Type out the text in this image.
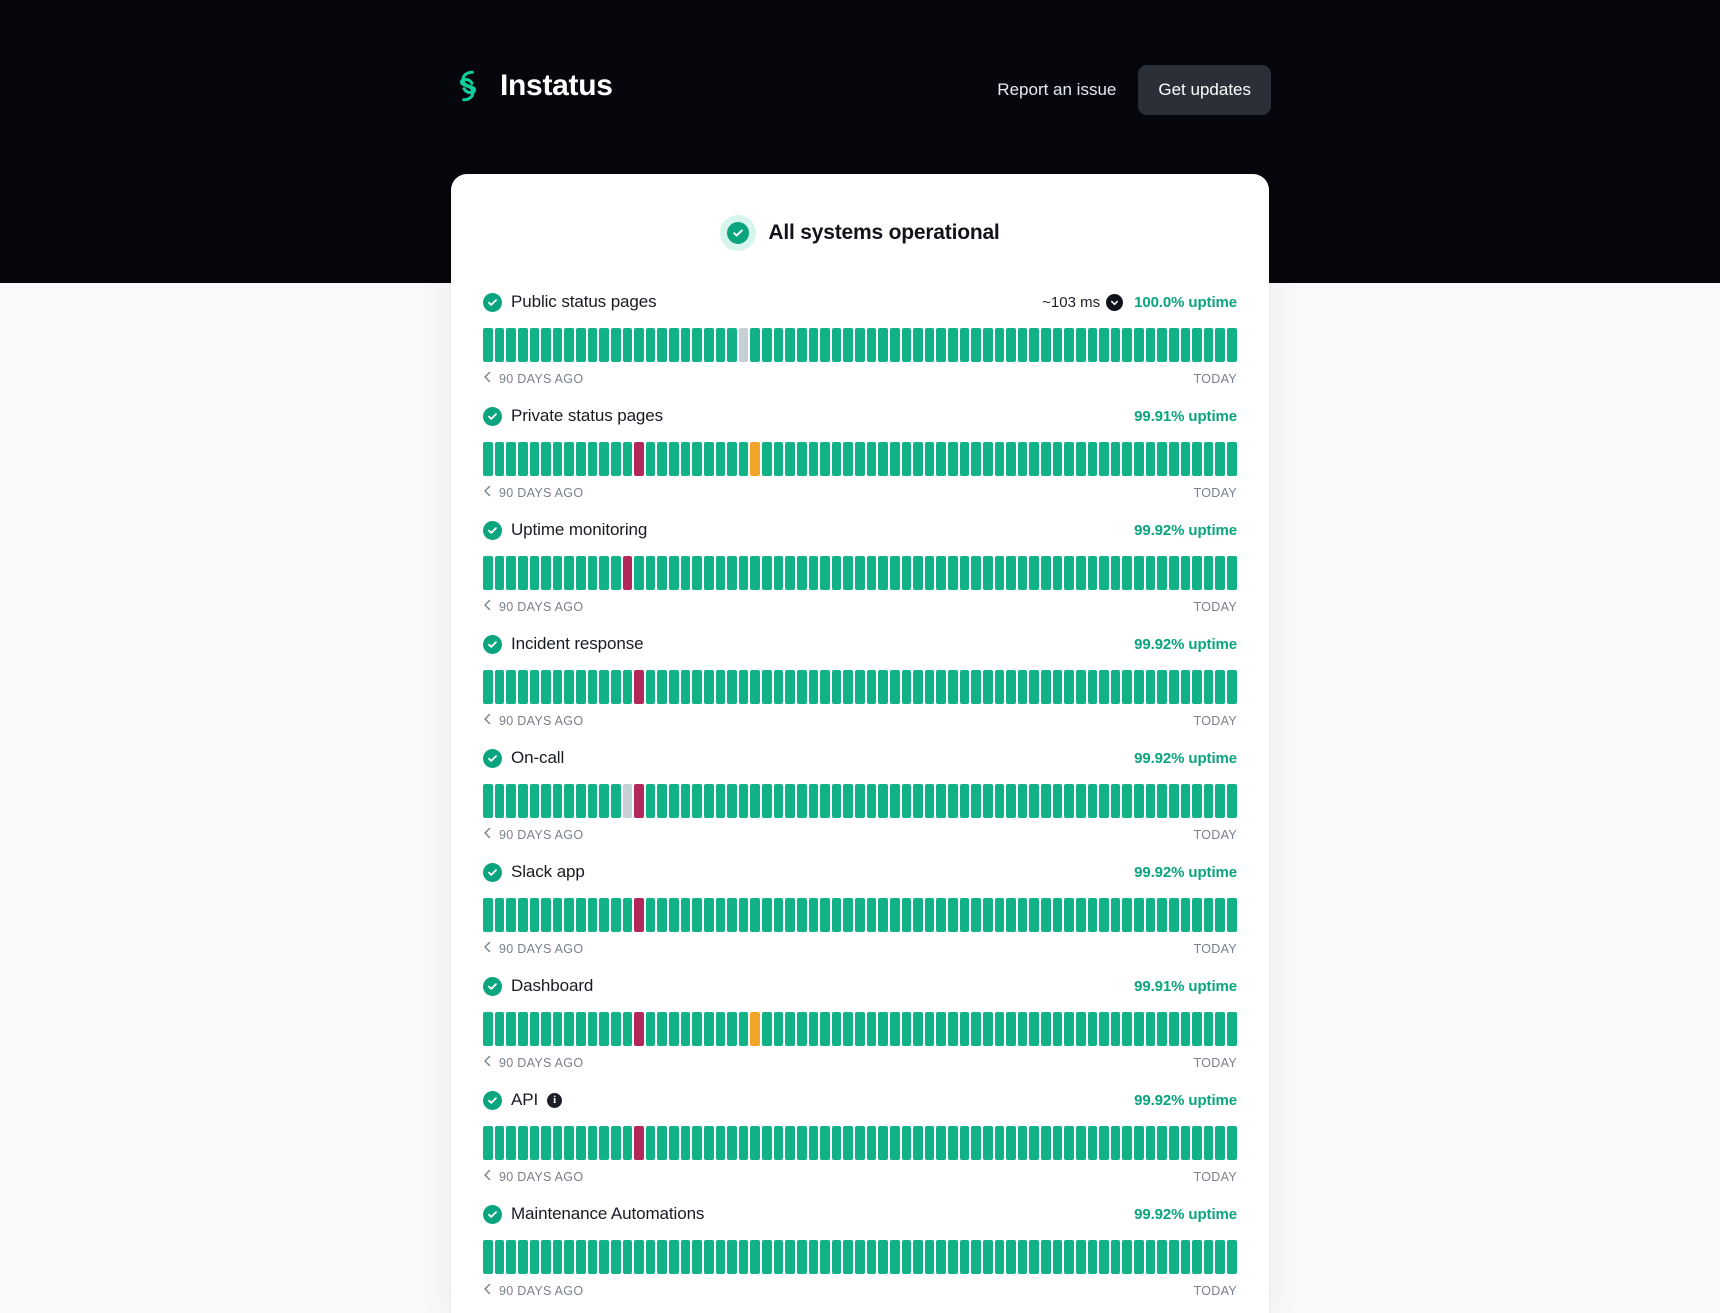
Instatus	Report an issue	Get updates
All systems operational
Public status pages	~103 ms 100.0% uptime
90 DAYS AGO	TODAY
Private status pages	99.91% uptime
90 DAYS AGO	TODAY
Uptime monitoring	99.92% uptime
90 DAYS AGO	TODAY
Incident response	99.92% uptime
90 DAYS AGO	TODAY
On-call	99.92% uptime
90 DAYS AGO	TODAY
Slack app	99.92% uptime
90 DAYS AGO	TODAY
Dashboard	99.91% uptime
90 DAYS AGO	TODAY
API	i	99.92% uptime
90 DAYS AGO	TODAY
Maintenance Automations	99.92% uptime
90 DAYS AGO	TODAY
